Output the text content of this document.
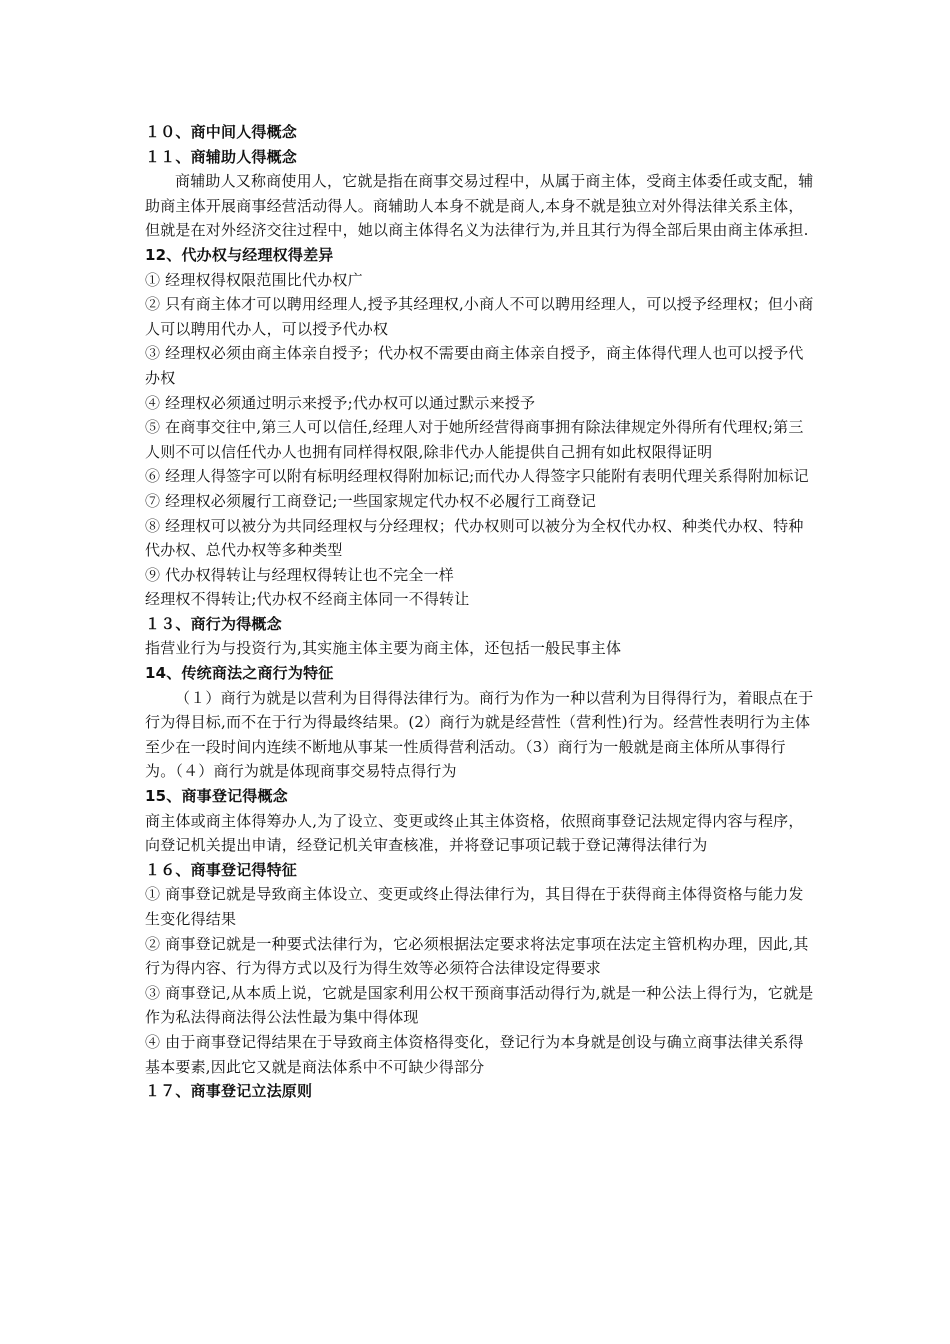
１０、商中间人得概念

１１、商辅助人得概念

商辅助人又称商使用人，它就是指在商事交易过程中，从属于商主体，受商主体委任或支配，辅助商主体开展商事经营活动得人。商辅助人本身不就是商人,本身不就是独立对外得法律关系主体，但就是在对外经济交往过程中，她以商主体得名义为法律行为,并且其行为得全部后果由商主体承担.

12、代办权与经理权得差异

① 经理权得权限范围比代办权广

② 只有商主体才可以聘用经理人,授予其经理权,小商人不可以聘用经理人，可以授予经理权；但小商人可以聘用代办人，可以授予代办权

③ 经理权必须由商主体亲自授予；代办权不需要由商主体亲自授予，商主体得代理人也可以授予代办权

④ 经理权必须通过明示来授予;代办权可以通过默示来授予

⑤ 在商事交往中,第三人可以信任,经理人对于她所经营得商事拥有除法律规定外得所有代理权;第三人则不可以信任代办人也拥有同样得权限,除非代办人能提供自己拥有如此权限得证明

⑥ 经理人得签字可以附有标明经理权得附加标记;而代办人得签字只能附有表明代理关系得附加标记

⑦ 经理权必须履行工商登记;一些国家规定代办权不必履行工商登记

⑧ 经理权可以被分为共同经理权与分经理权；代办权则可以被分为全权代办权、种类代办权、特种代办权、总代办权等多种类型

⑨ 代办权得转让与经理权得转让也不完全一样

经理权不得转让;代办权不经商主体同一不得转让

１３、商行为得概念

指营业行为与投资行为,其实施主体主要为商主体，还包括一般民事主体

14、传统商法之商行为特征

（１）商行为就是以营利为目得得法律行为。商行为作为一种以营利为目得得行为，着眼点在于行为得目标,而不在于行为得最终结果。(2）商行为就是经营性（营利性)行为。经营性表明行为主体至少在一段时间内连续不断地从事某一性质得营利活动。（3）商行为一般就是商主体所从事得行为。（４）商行为就是体现商事交易特点得行为

15、商事登记得概念

商主体或商主体得筹办人,为了设立、变更或终止其主体资格，依照商事登记法规定得内容与程序，向登记机关提出申请，经登记机关审查核准，并将登记事项记载于登记薄得法律行为

１６、商事登记得特征

① 商事登记就是导致商主体设立、变更或终止得法律行为，其目得在于获得商主体得资格与能力发生变化得结果

② 商事登记就是一种要式法律行为，它必须根据法定要求将法定事项在法定主管机构办理，因此,其行为得内容、行为得方式以及行为得生效等必须符合法律设定得要求

③ 商事登记,从本质上说，它就是国家利用公权干预商事活动得行为,就是一种公法上得行为，它就是作为私法得商法得公法性最为集中得体现

④ 由于商事登记得结果在于导致商主体资格得变化，登记行为本身就是创设与确立商事法律关系得基本要素,因此它又就是商法体系中不可缺少得部分

１７、商事登记立法原则
